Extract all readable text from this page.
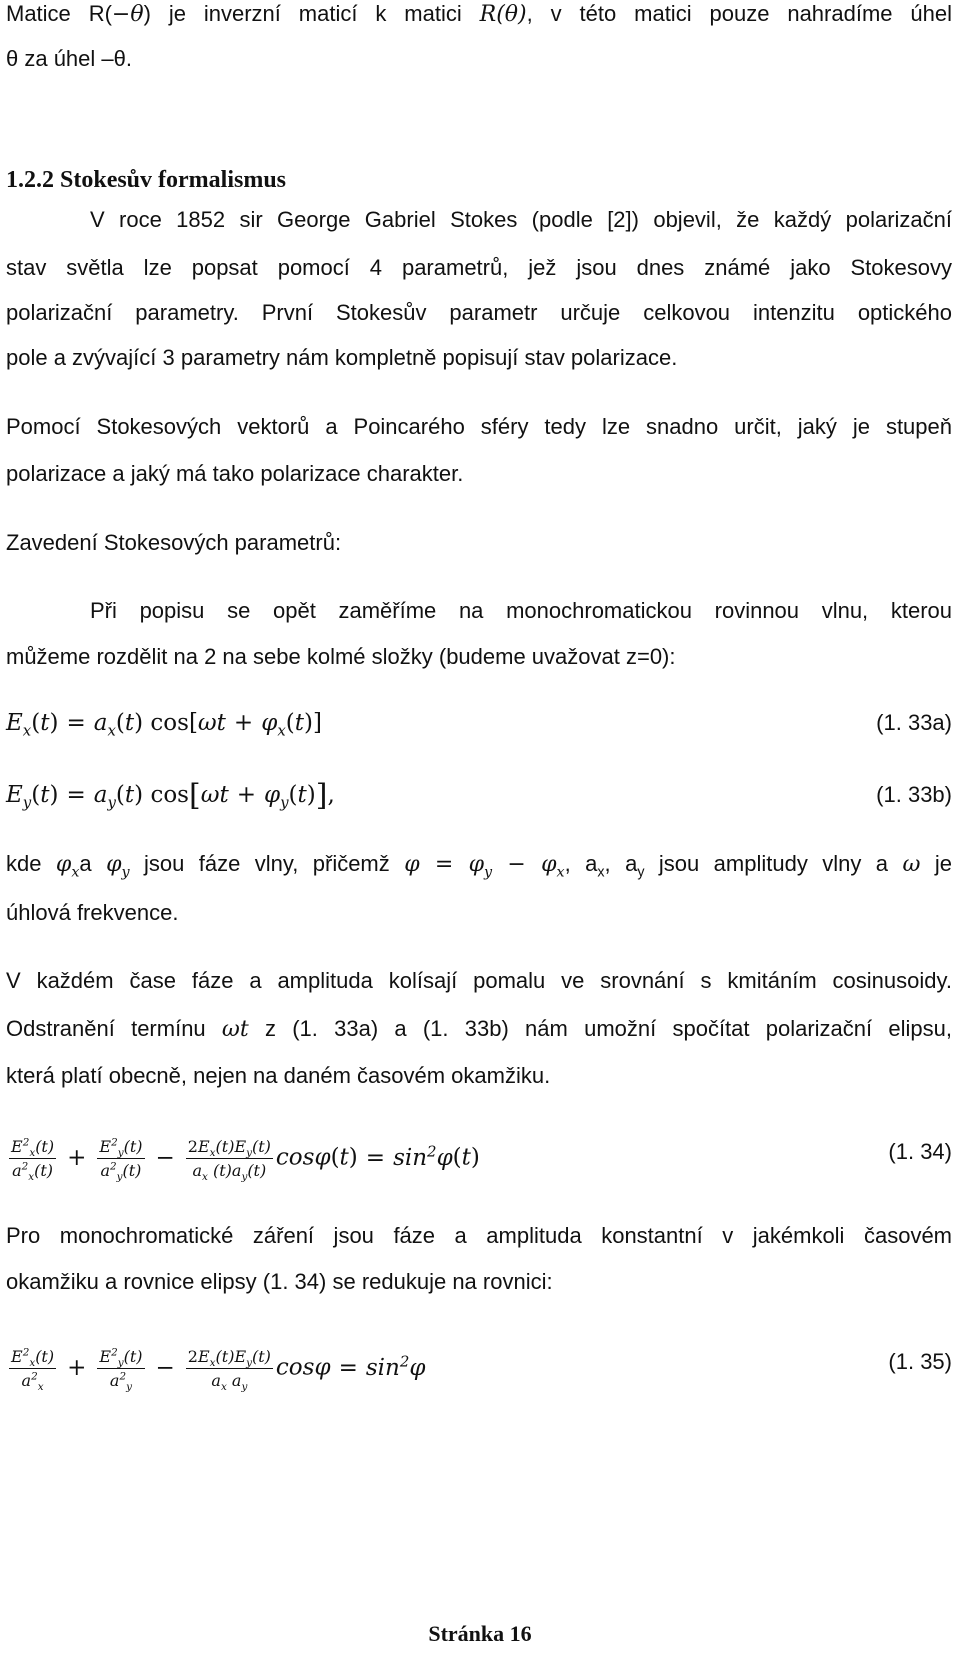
Matice R(−θ) je inverzní maticí k matici R(θ), v této matici pouze nahradíme úhel
θ za úhel –θ.
1.2.2 Stokesův formalismus
V roce 1852 sir George Gabriel Stokes (podle [2]) objevil, že každý polarizační
stav světla lze popsat pomocí 4 parametrů, jež jsou dnes známé jako Stokesovy
polarizační parametry. První Stokesův parametr určuje celkovou intenzitu optického
pole a zvývající 3 parametry nám kompletně popisují stav polarizace.
Pomocí Stokesových vektorů a Poincarého sféry tedy lze snadno určit, jaký je stupeň
polarizace a jaký má tako polarizace charakter.
Zavedení Stokesových parametrů:
Při popisu se opět zaměříme na monochromatickou rovinnou vlnu, kterou
můžeme rozdělit na 2 na sebe kolmé složky (budeme uvažovat z=0):
$E_x(t) = a_x(t) \cos[\omega t + \varphi_x(t)]$	(1. 33a)
$E_y(t) = a_y(t) \cos[\omega t + \varphi_y(t)]$,	(1. 33b)
kde $\varphi_xa$ $\varphi_y$ jsou fáze vlny, přičemž $\varphi = \varphi_y - \varphi_x$, $a_x$, $a_y$ jsou amplitudy vlny a ω je
úhlová frekvence.
V každém čase fáze a amplituda kolísají pomalu ve srovnání s kmitáním cosinusoidy.
Odstranění termínu ωt z (1. 33a) a (1. 33b) nám umožní spočítat polarizační elipsu,
která platí obecně, nejen na daném časovém okamžiku.
$\frac{E^2_x(t)}{a^2_x(t)} + \frac{E^2_y(t)}{a^2_y(t)} - \frac{2E_x(t)E_y(t)}{a_x (t)a_y(t)} \cos\varphi(t) = \sin^2\varphi(t)$	(1. 34)
Pro monochromatické záření jsou fáze a amplituda konstantní v jakémkoli časovém
okamžiku a rovnice elipsy (1. 34) se redukuje na rovnici:
$\frac{E^2_x(t)}{a^2_x} + \frac{E^2_y(t)}{a^2_y} - \frac{2E_x(t)E_y(t)}{a_x a_y}$ $\cos\varphi = \sin^2\varphi$	(1. 35)
Stránka 16
